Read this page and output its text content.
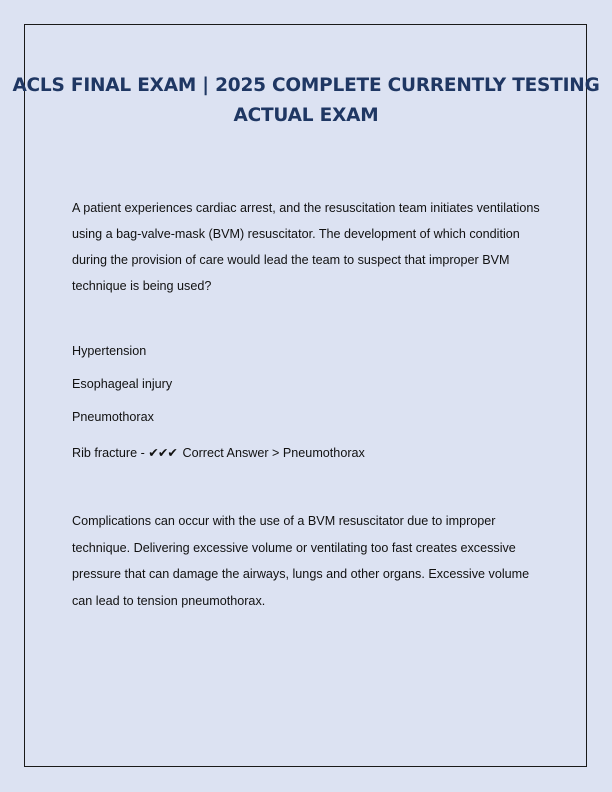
ACLS FINAL EXAM | 2025 COMPLETE CURRENTLY TESTING ACTUAL EXAM

A patient experiences cardiac arrest, and the resuscitation team initiates ventilations using a bag-valve-mask (BVM) resuscitator. The development of which condition during the provision of care would lead the team to suspect that improper BVM technique is being used?

Hypertension

Esophageal injury

Pneumothorax

Rib fracture - ✔✔✔ Correct Answer > Pneumothorax

Complications can occur with the use of a BVM resuscitator due to improper technique. Delivering excessive volume or ventilating too fast creates excessive pressure that can damage the airways, lungs and other organs. Excessive volume can lead to tension pneumothorax.
